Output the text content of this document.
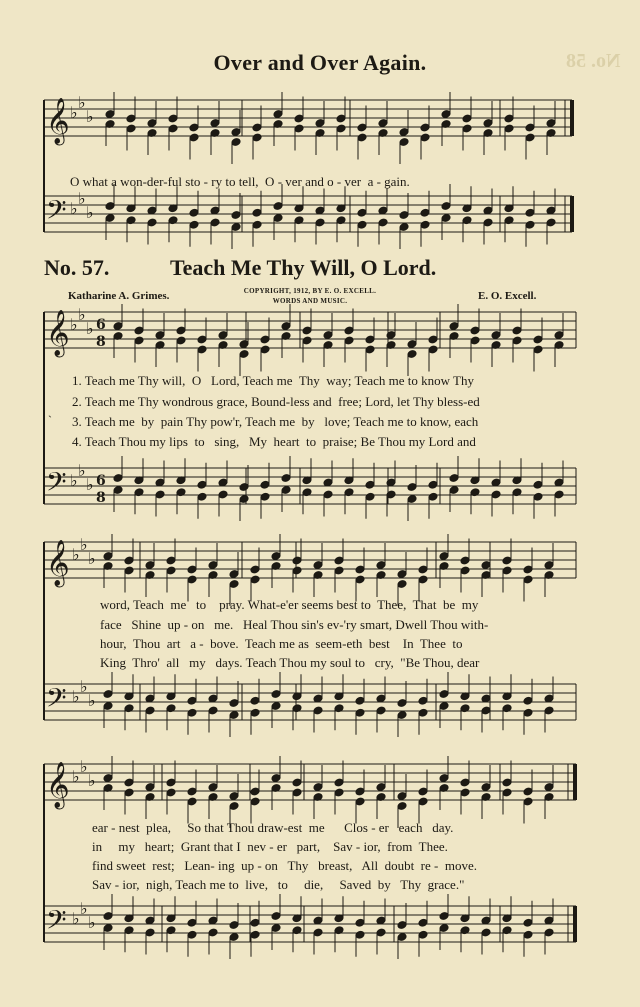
Over and Over Again.	No. 58
𝄞
𝄢
𝄞
𝄢
𝄞
𝄢
𝄞
𝄢
♭
♭
♭
♭
♭
♭
♭
♭
♭
♭
♭
♭
♭
♭
♭
♭
♭
♭
♭
♭
♭
♭
♭
♭
6
8
6
8

O what a won-der-ful sto - ry to tell,  O - ver and o - ver  a - gain.

No. 57.	Teach Me Thy Will, O Lord.
Katharine A. Grimes.	COPYRIGHT, 1912, BY E. O. EXCELL.
WORDS AND MUSIC.	E. O. Excell.

`

1. Teach me Thy will,  O   Lord, Teach me  Thy  way; Teach me to know Thy

2. Teach me Thy wondrous grace, Bound-less and  free; Lord, let Thy bless-ed

3. Teach me  by  pain Thy pow'r, Teach me  by   love; Teach me to know, each

4. Teach Thou my lips  to   sing,   My  heart  to  praise; Be Thou my Lord and

word, Teach  me   to    pray. What-e'er seems best to  Thee,  That  be  my

face   Shine  up - on   me.   Heal Thou sin's ev-'ry smart, Dwell Thou with-

hour,  Thou  art   a -  bove.  Teach me as  seem-eth  best    In  Thee  to

King  Thro'  all   my   days. Teach Thou my soul to   cry,  "Be Thou, dear

ear - nest  plea,     So that Thou draw-est  me      Clos - er   each   day.

in     my   heart;  Grant that I  nev - er   part,    Sav - ior,  from  Thee.

find sweet  rest;   Lean- ing  up - on   Thy   breast,   All  doubt  re -  move.

Sav - ior,  nigh, Teach me to  live,   to     die,     Saved  by   Thy  grace."
